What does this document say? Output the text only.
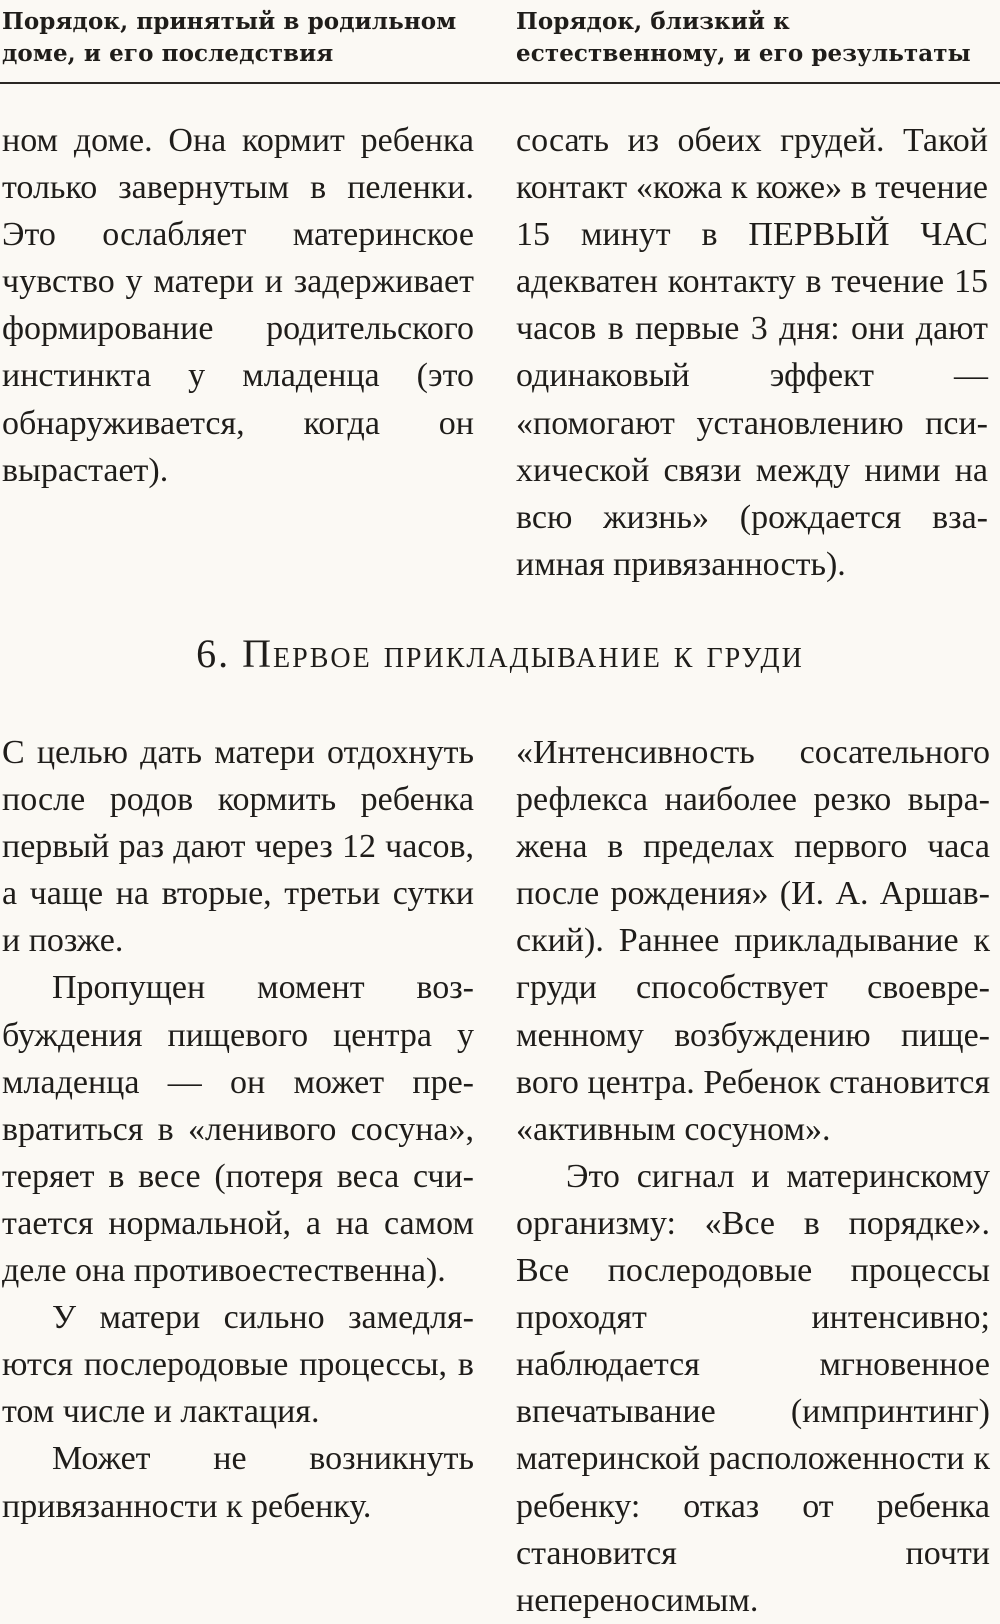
Порядок, принятый в родильном доме, и его последствия

Порядок, близкий к естественному, и его результаты

ном доме. Она кормит ребенка только завернутым в пеленки. Это ослабляет материнское чувство у матери и задерживает формирование родительского инстинкта у младенца (это обнаруживается, когда он вырастает).

сосать из обеих грудей. Такой контакт «кожа к коже» в течение 15 минут в ПЕРВЫЙ ЧАС адекватен контакту в течение 15 часов в первые 3 дня: они дают одинаковый эффект — «помогают установлению психической связи между ними на всю жизнь» (рождается взаимная привязанность).

6. Первое прикладывание к груди

С целью дать матери отдохнуть после родов кормить ребенка первый раз дают через 12 часов, а чаще на вторые, третьи сутки и позже.

Пропущен момент возбуждения пищевого центра у младенца — он может превратиться в «ленивого сосуна», теряет в весе (потеря веса считается нормальной, а на самом деле она противоестественна).

У матери сильно замедляются послеродовые процессы, в том числе и лактация.

Может не возникнуть привязанности к ребенку.

«Интенсивность сосательного рефлекса наиболее резко выражена в пределах первого часа после рождения» (И. А. Аршавский). Раннее прикладывание к груди способствует своевременному возбуждению пищевого центра. Ребенок становится «активным сосуном».

Это сигнал и материнскому организму: «Все в порядке». Все послеродовые процессы проходят интенсивно; наблюдается мгновенное впечатывание (импринтинг) материнской расположенности к ребенку: отказ от ребенка становится почти непереносимым.
